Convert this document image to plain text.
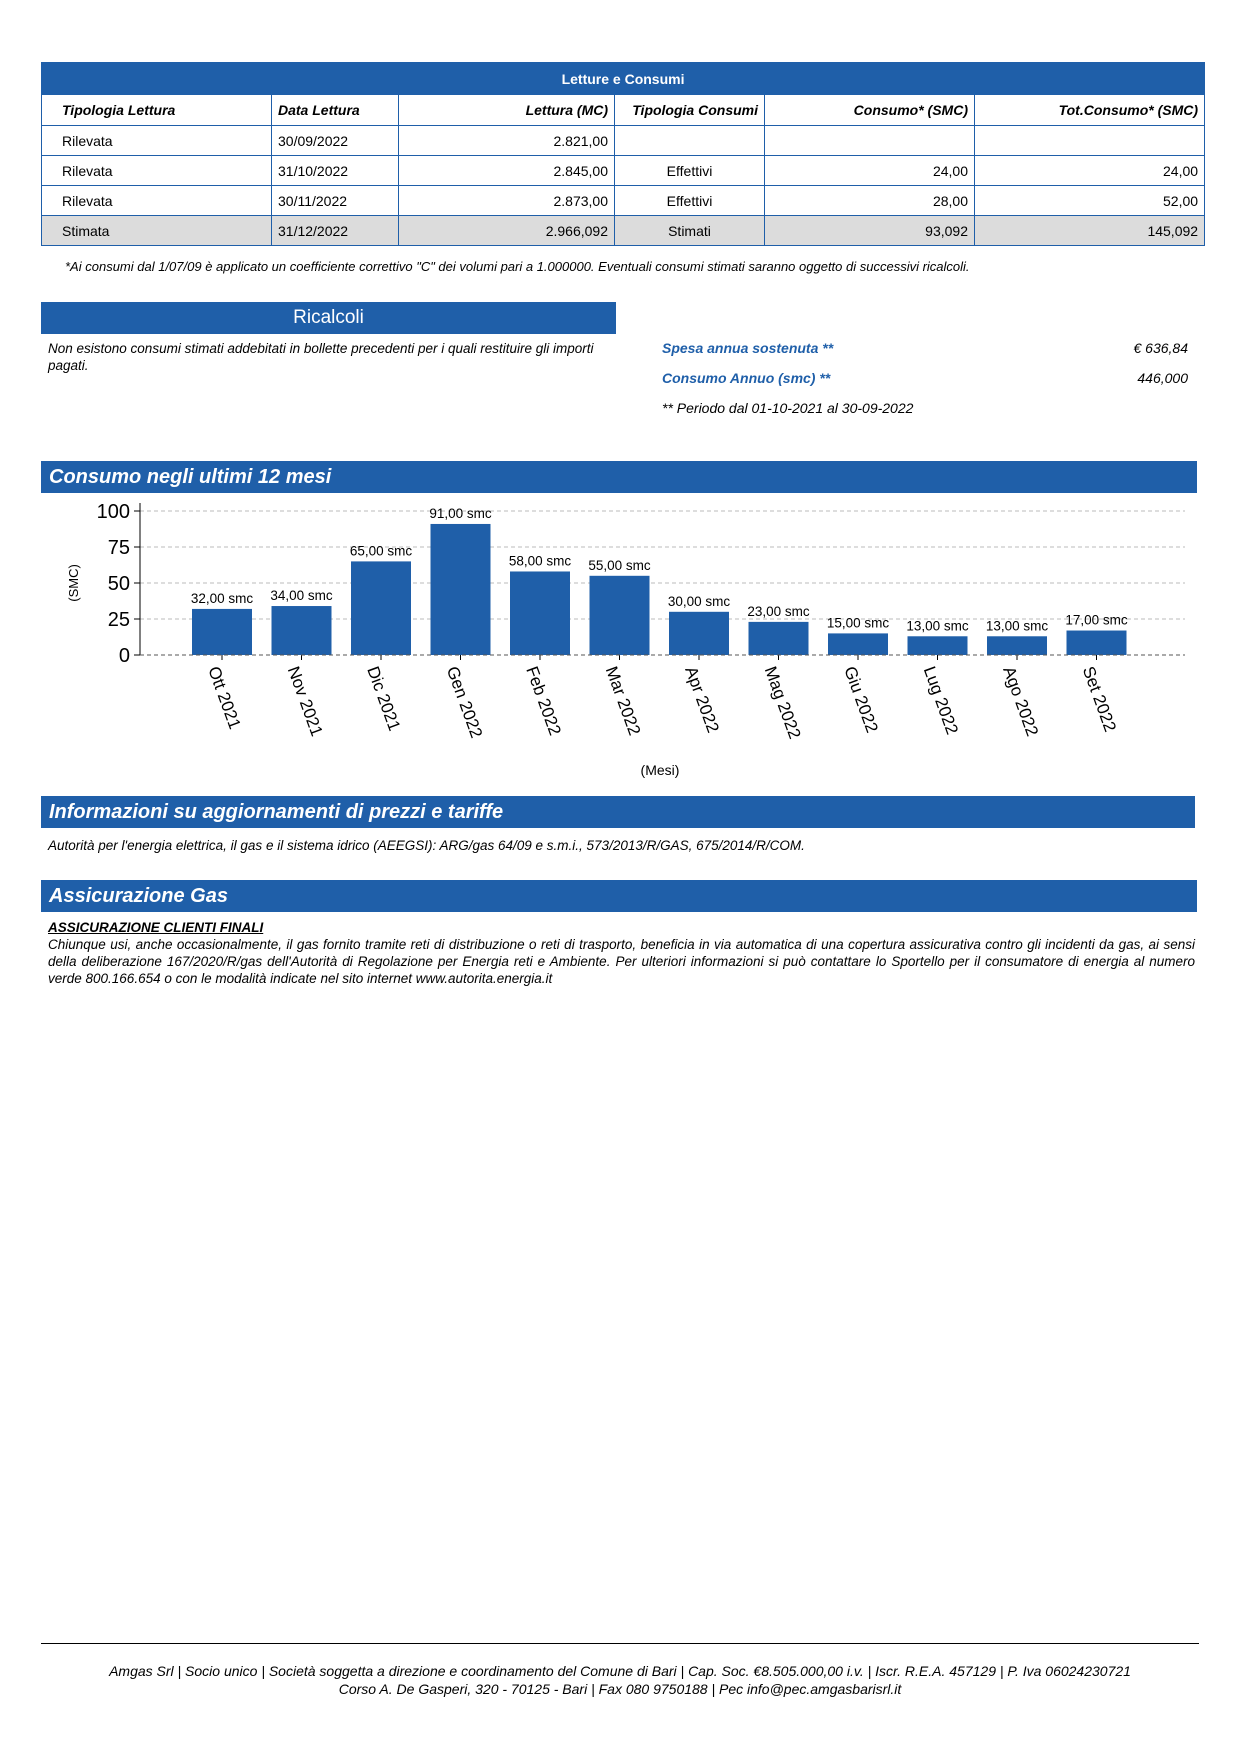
Letture e Consumi					
Tipologia Lettura	Data Lettura	Lettura (MC)	Tipologia Consumi	Consumo* (SMC)	Tot.Consumo* (SMC)
Rilevata	30/09/2022	2.821,00			
Rilevata	31/10/2022	2.845,00	Effettivi	24,00	24,00
Rilevata	30/11/2022	2.873,00	Effettivi	28,00	52,00
Stimata	31/12/2022	2.966,092	Stimati	93,092	145,092
*Ai consumi dal 1/07/09 è applicato un coefficiente correttivo "C" dei volumi pari a 1.000000. Eventuali consumi stimati saranno oggetto di successivi ricalcoli.
Ricalcoli
Non esistono consumi stimati addebitati in bollette precedenti per i quali restituire gli importi pagati.
Spesa annua sostenuta **	€ 636,84
Consumo Annuo (smc) **	446,000
** Periodo dal 01-10-2021 al 30-09-2022
Consumo negli ultimi 12 mesi
0
25
50
75
100
32,00 smc
Ott 2021
34,00 smc
Nov 2021
65,00 smc
Dic 2021
91,00 smc
Gen 2022
58,00 smc
Feb 2022
55,00 smc
Mar 2022
30,00 smc
Apr 2022
23,00 smc
Mag 2022
15,00 smc
Giu 2022
13,00 smc
Lug 2022
13,00 smc
Ago 2022
17,00 smc
Set 2022
(SMC)
(Mesi)
Informazioni su aggiornamenti di prezzi e tariffe
Autorità per l'energia elettrica, il gas e il sistema idrico (AEEGSI): ARG/gas 64/09 e s.m.i., 573/2013/R/GAS, 675/2014/R/COM.
Assicurazione Gas
ASSICURAZIONE CLIENTI FINALI
Chiunque usi, anche occasionalmente, il gas fornito tramite reti di distribuzione o reti di trasporto, beneficia in via automatica di una copertura assicurativa contro gli incidenti da gas, ai sensi della deliberazione 167/2020/R/gas dell'Autorità di Regolazione per Energia reti e Ambiente. Per ulteriori informazioni si può contattare lo Sportello per il consumatore di energia al numero verde 800.166.654 o con le modalità indicate nel sito internet www.autorita.energia.it
Amgas Srl | Socio unico | Società soggetta a direzione e coordinamento del Comune di Bari | Cap. Soc. €8.505.000,00 i.v. | Iscr. R.E.A. 457129 | P. Iva 06024230721
Corso A. De Gasperi, 320 - 70125 - Bari | Fax 080 9750188 | Pec info@pec.amgasbarisrl.it
